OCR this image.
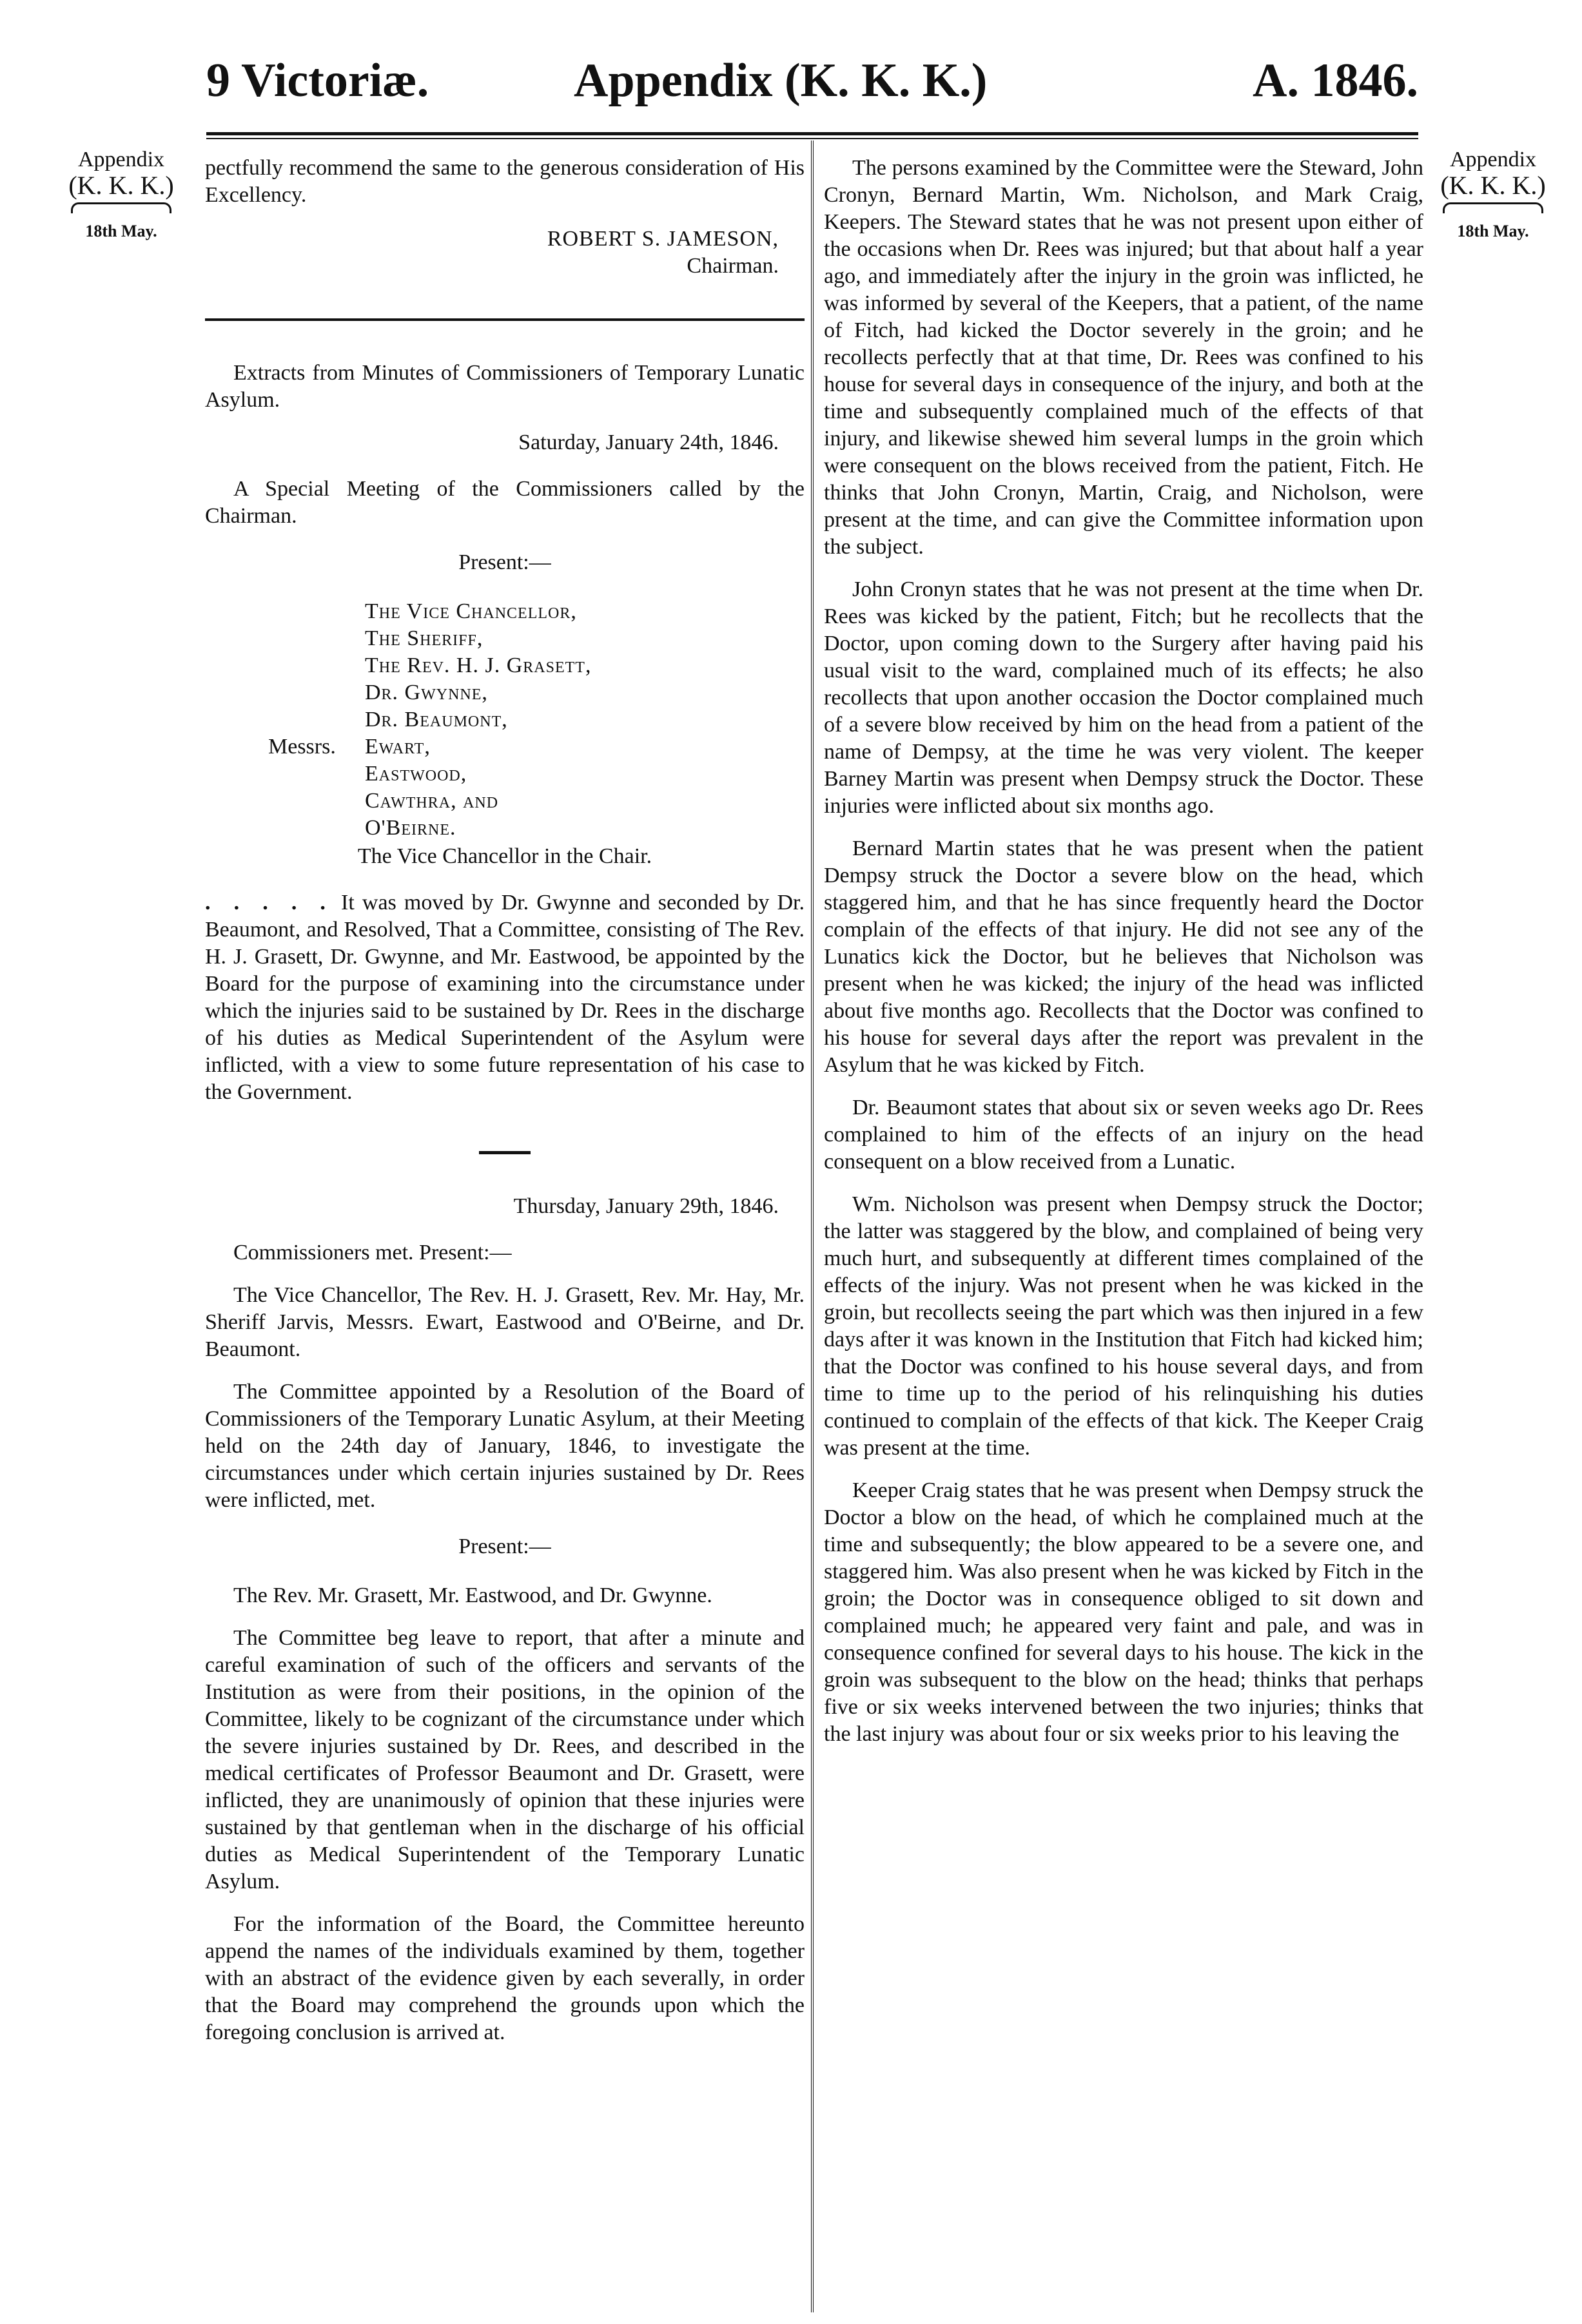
9 Victoriæ.	Appendix (K. K. K.)	A. 1846.
Appendix
(K. K. K.)
18th May.
Appendix
(K. K. K.)
18th May.

pectfully recommend the same to the generous consideration of His Excellency.

ROBERT S. JAMESON,
Chairman.

Extracts from Minutes of Commissioners of Temporary Lunatic Asylum.

Saturday, January 24th, 1846.

A Special Meeting of the Commissioners called by the Chairman.

Present:—
The Vice Chancellor,
The Sheriff,
The Rev. H. J. Grasett,
Dr. Gwynne,
Dr. Beaumont,
Messrs. Ewart,
Eastwood,
Cawthra, and
O'Beirne.
The Vice Chancellor in the Chair.

. . . . . It was moved by Dr. Gwynne and seconded by Dr. Beaumont, and Resolved, That a Committee, consisting of The Rev. H. J. Grasett, Dr. Gwynne, and Mr. Eastwood, be appointed by the Board for the purpose of examining into the circumstance under which the injuries said to be sustained by Dr. Rees in the discharge of his duties as Medical Superintendent of the Asylum were inflicted, with a view to some future representation of his case to the Government.

Thursday, January 29th, 1846.

Commissioners met. Present:—

The Vice Chancellor, The Rev. H. J. Grasett, Rev. Mr. Hay, Mr. Sheriff Jarvis, Messrs. Ewart, Eastwood and O'Beirne, and Dr. Beaumont.

The Committee appointed by a Resolution of the Board of Commissioners of the Temporary Lunatic Asylum, at their Meeting held on the 24th day of January, 1846, to investigate the circumstances under which certain injuries sustained by Dr. Rees were inflicted, met.

Present:—

The Rev. Mr. Grasett, Mr. Eastwood, and Dr. Gwynne.

The Committee beg leave to report, that after a minute and careful examination of such of the officers and servants of the Institution as were from their positions, in the opinion of the Committee, likely to be cognizant of the circumstance under which the severe injuries sustained by Dr. Rees, and described in the medical certificates of Professor Beaumont and Dr. Grasett, were inflicted, they are unanimously of opinion that these injuries were sustained by that gentleman when in the discharge of his official duties as Medical Superintendent of the Temporary Lunatic Asylum.

For the information of the Board, the Committee hereunto append the names of the individuals examined by them, together with an abstract of the evidence given by each severally, in order that the Board may comprehend the grounds upon which the foregoing conclusion is arrived at.

The persons examined by the Committee were the Steward, John Cronyn, Bernard Martin, Wm. Nicholson, and Mark Craig, Keepers. The Steward states that he was not present upon either of the occasions when Dr. Rees was injured; but that about half a year ago, and immediately after the injury in the groin was inflicted, he was informed by several of the Keepers, that a patient, of the name of Fitch, had kicked the Doctor severely in the groin; and he recollects perfectly that at that time, Dr. Rees was confined to his house for several days in consequence of the injury, and both at the time and subsequently complained much of the effects of that injury, and likewise shewed him several lumps in the groin which were consequent on the blows received from the patient, Fitch. He thinks that John Cronyn, Martin, Craig, and Nicholson, were present at the time, and can give the Committee information upon the subject.

John Cronyn states that he was not present at the time when Dr. Rees was kicked by the patient, Fitch; but he recollects that the Doctor, upon coming down to the Surgery after having paid his usual visit to the ward, complained much of its effects; he also recollects that upon another occasion the Doctor complained much of a severe blow received by him on the head from a patient of the name of Dempsy, at the time he was very violent. The keeper Barney Martin was present when Dempsy struck the Doctor. These injuries were inflicted about six months ago.

Bernard Martin states that he was present when the patient Dempsy struck the Doctor a severe blow on the head, which staggered him, and that he has since frequently heard the Doctor complain of the effects of that injury. He did not see any of the Lunatics kick the Doctor, but he believes that Nicholson was present when he was kicked; the injury of the head was inflicted about five months ago. Recollects that the Doctor was confined to his house for several days after the report was prevalent in the Asylum that he was kicked by Fitch.

Dr. Beaumont states that about six or seven weeks ago Dr. Rees complained to him of the effects of an injury on the head consequent on a blow received from a Lunatic.

Wm. Nicholson was present when Dempsy struck the Doctor; the latter was staggered by the blow, and complained of being very much hurt, and subsequently at different times complained of the effects of the injury. Was not present when he was kicked in the groin, but recollects seeing the part which was then injured in a few days after it was known in the Institution that Fitch had kicked him; that the Doctor was confined to his house several days, and from time to time up to the period of his relinquishing his duties continued to complain of the effects of that kick. The Keeper Craig was present at the time.

Keeper Craig states that he was present when Dempsy struck the Doctor a blow on the head, of which he complained much at the time and subsequently; the blow appeared to be a severe one, and staggered him. Was also present when he was kicked by Fitch in the groin; the Doctor was in consequence obliged to sit down and complained much; he appeared very faint and pale, and was in consequence confined for several days to his house. The kick in the groin was subsequent to the blow on the head; thinks that perhaps five or six weeks intervened between the two injuries; thinks that the last injury was about four or six weeks prior to his leaving the
